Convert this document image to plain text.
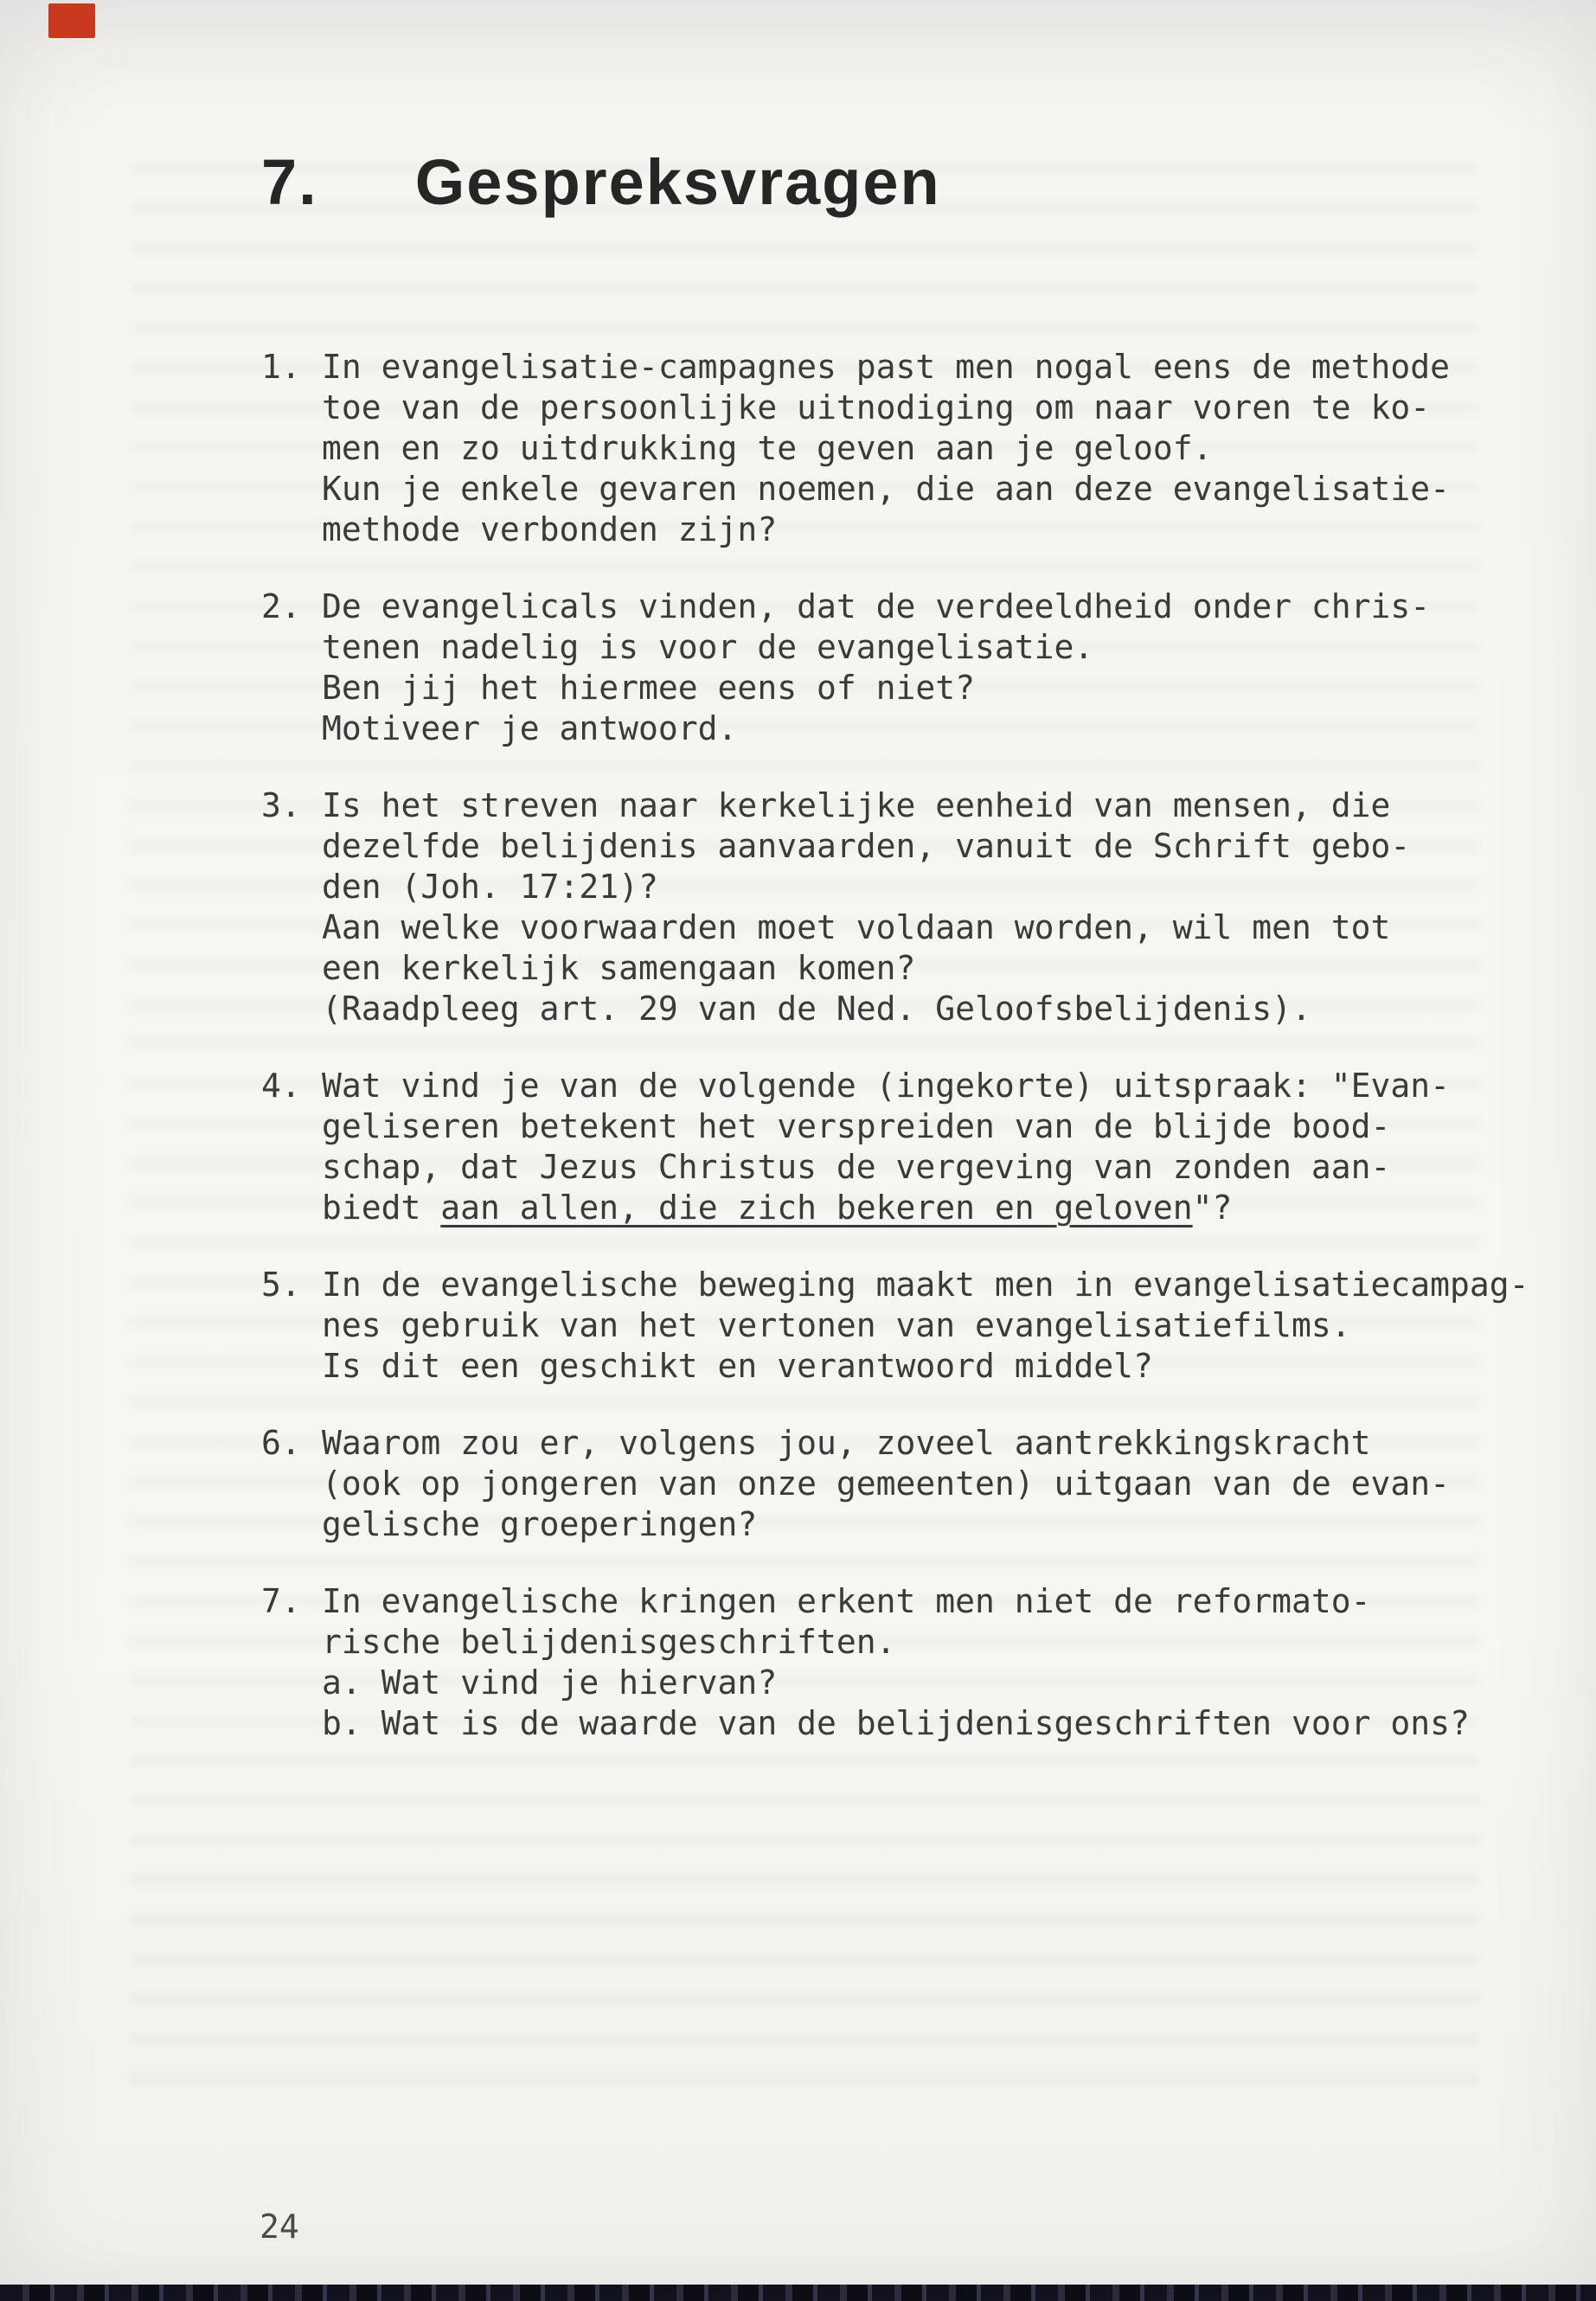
7. Gespreksvragen
1. In evangelisatie-campagnes past men nogal eens de methode
toe van de persoonlijke uitnodiging om naar voren te ko-
men en zo uitdrukking te geven aan je geloof.
Kun je enkele gevaren noemen, die aan deze evangelisatie-
methode verbonden zijn?
2. De evangelicals vinden, dat de verdeeldheid onder chris-
tenen nadelig is voor de evangelisatie.
Ben jij het hiermee eens of niet?
Motiveer je antwoord.
3. Is het streven naar kerkelijke eenheid van mensen, die
dezelfde belijdenis aanvaarden, vanuit de Schrift gebo-
den (Joh. 17:21)?
Aan welke voorwaarden moet voldaan worden, wil men tot
een kerkelijk samengaan komen?
(Raadpleeg art. 29 van de Ned. Geloofsbelijdenis).
4. Wat vind je van de volgende (ingekorte) uitspraak: "Evan-
geliseren betekent het verspreiden van de blijde bood-
schap, dat Jezus Christus de vergeving van zonden aan-
biedt aan allen, die zich bekeren en geloven"?
5. In de evangelische beweging maakt men in evangelisatiecampag-
nes gebruik van het vertonen van evangelisatiefilms.
Is dit een geschikt en verantwoord middel?
6. Waarom zou er, volgens jou, zoveel aantrekkingskracht
(ook op jongeren van onze gemeenten) uitgaan van de evan-
gelische groeperingen?
7. In evangelische kringen erkent men niet de reformato-
rische belijdenisgeschriften.
a. Wat vind je hiervan?
b. Wat is de waarde van de belijdenisgeschriften voor ons?
24
